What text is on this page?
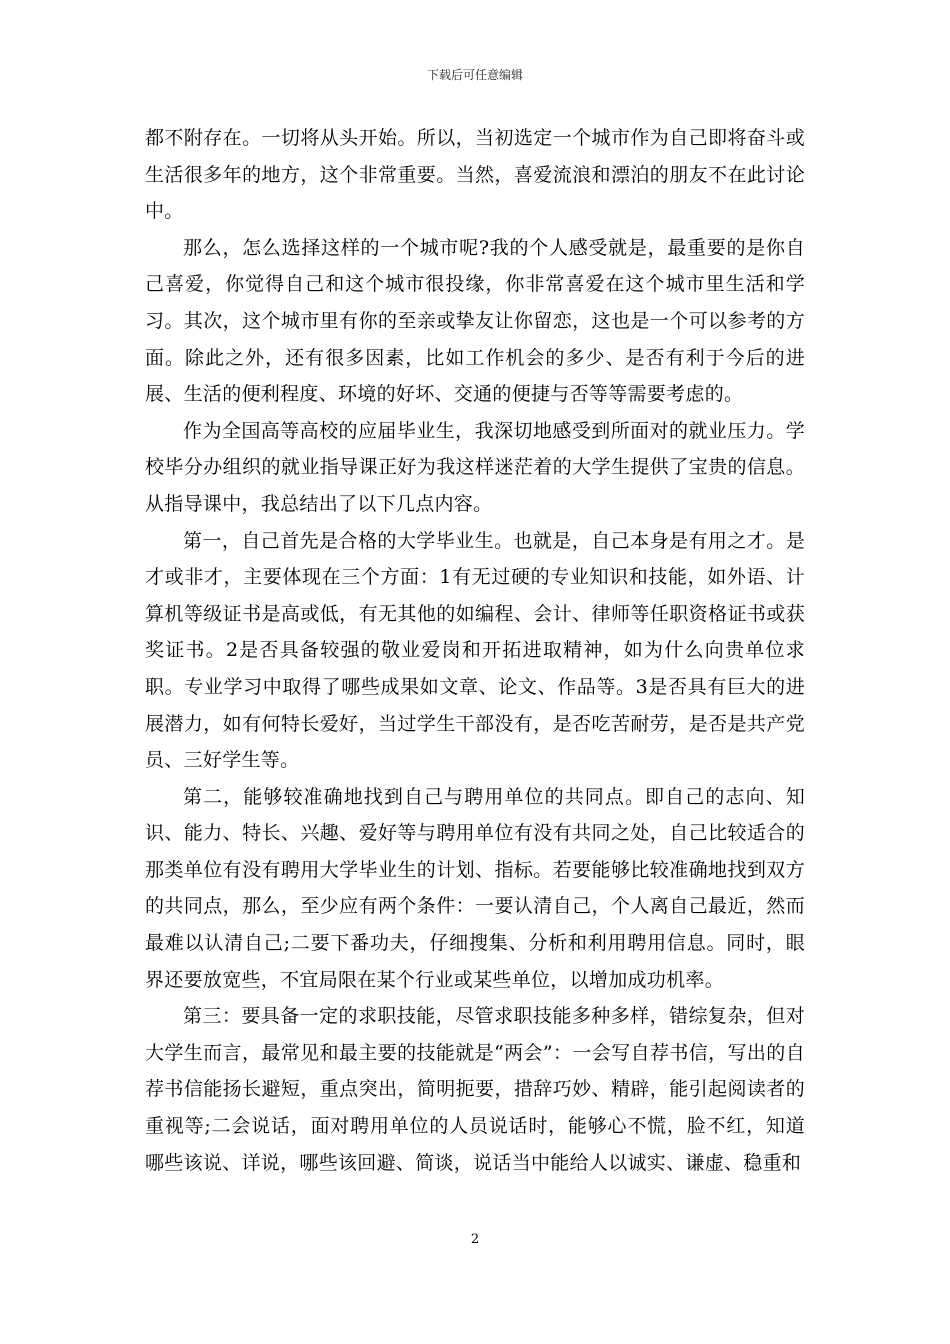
下载后可任意编辑

都不附存在。一切将从头开始。所以，当初选定一个城市作为自己即将奋斗或生活很多年的地方，这个非常重要。当然，喜爱流浪和漂泊的朋友不在此讨论中。

那么，怎么选择这样的一个城市呢?我的个人感受就是，最重要的是你自己喜爱，你觉得自己和这个城市很投缘，你非常喜爱在这个城市里生活和学习。其次，这个城市里有你的至亲或挚友让你留恋，这也是一个可以参考的方面。除此之外，还有很多因素，比如工作机会的多少、是否有利于今后的进展、生活的便利程度、环境的好坏、交通的便捷与否等等需要考虑的。

作为全国高等高校的应届毕业生，我深切地感受到所面对的就业压力。学校毕分办组织的就业指导课正好为我这样迷茫着的大学生提供了宝贵的信息。从指导课中，我总结出了以下几点内容。

第一，自己首先是合格的大学毕业生。也就是，自己本身是有用之才。是才或非才，主要体现在三个方面：1有无过硬的专业知识和技能，如外语、计算机等级证书是高或低，有无其他的如编程、会计、律师等任职资格证书或获奖证书。2是否具备较强的敬业爱岗和开拓进取精神，如为什么向贵单位求职。专业学习中取得了哪些成果如文章、论文、作品等。3是否具有巨大的进展潜力，如有何特长爱好，当过学生干部没有，是否吃苦耐劳，是否是共产党员、三好学生等。

第二，能够较准确地找到自己与聘用单位的共同点。即自己的志向、知识、能力、特长、兴趣、爱好等与聘用单位有没有共同之处，自己比较适合的那类单位有没有聘用大学毕业生的计划、指标。若要能够比较准确地找到双方的共同点，那么，至少应有两个条件：一要认清自己，个人离自己最近，然而最难以认清自己;二要下番功夫，仔细搜集、分析和利用聘用信息。同时，眼界还要放宽些，不宜局限在某个行业或某些单位，以增加成功机率。

第三：要具备一定的求职技能，尽管求职技能多种多样，错综复杂，但对大学生而言，最常见和最主要的技能就是“两会”：一会写自荐书信，写出的自荐书信能扬长避短，重点突出，简明扼要，措辞巧妙、精辟，能引起阅读者的重视等;二会说话，面对聘用单位的人员说话时，能够心不慌，脸不红，知道哪些该说、详说，哪些该回避、简谈，说话当中能给人以诚实、谦虚、稳重和

2
